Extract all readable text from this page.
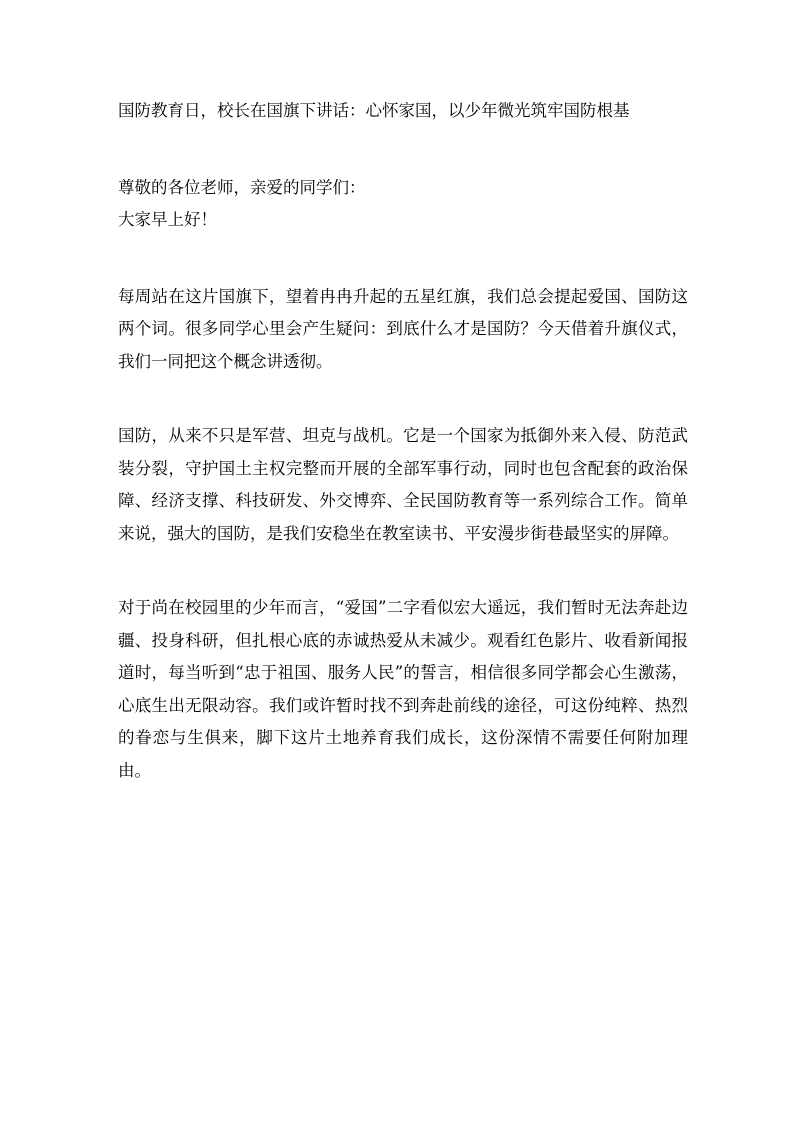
国防教育日，校长在国旗下讲话：心怀家国，以少年微光筑牢国防根基

尊敬的各位老师，亲爱的同学们：

大家早上好！

每周站在这片国旗下，望着冉冉升起的五星红旗，我们总会提起爱国、国防这两个词。很多同学心里会产生疑问：到底什么才是国防？今天借着升旗仪式，我们一同把这个概念讲透彻。

国防，从来不只是军营、坦克与战机。它是一个国家为抵御外来入侵、防范武装分裂，守护国土主权完整而开展的全部军事行动，同时也包含配套的政治保障、经济支撑、科技研发、外交博弈、全民国防教育等一系列综合工作。简单来说，强大的国防，是我们安稳坐在教室读书、平安漫步街巷最坚实的屏障。

对于尚在校园里的少年而言，“爱国”二字看似宏大遥远，我们暂时无法奔赴边疆、投身科研，但扎根心底的赤诚热爱从未减少。观看红色影片、收看新闻报道时，每当听到“忠于祖国、服务人民”的誓言，相信很多同学都会心生激荡，心底生出无限动容。我们或许暂时找不到奔赴前线的途径，可这份纯粹、热烈的眷恋与生俱来，脚下这片土地养育我们成长，这份深情不需要任何附加理由。
